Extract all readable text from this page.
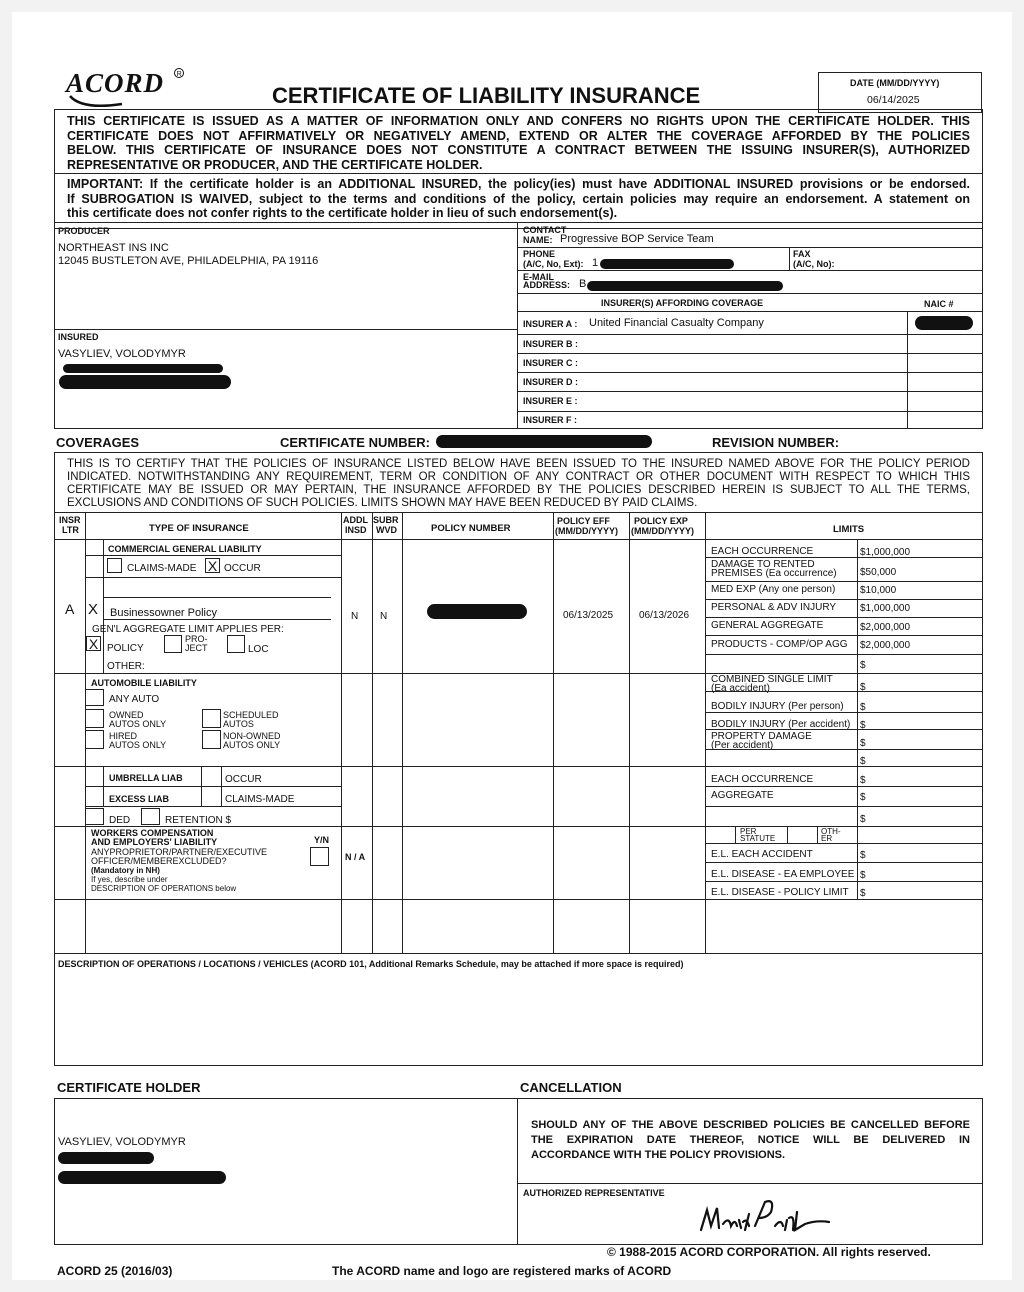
ACORD R
CERTIFICATE OF LIABILITY INSURANCE	DATE (MM/DD/YYYY)
06/14/2025
THIS CERTIFICATE IS ISSUED AS A MATTER OF INFORMATION ONLY AND CONFERS NO RIGHTS UPON THE CERTIFICATE HOLDER. THIS
CERTIFICATE DOES NOT AFFIRMATIVELY OR NEGATIVELY AMEND, EXTEND OR ALTER THE COVERAGE AFFORDED BY THE POLICIES
BELOW. THIS CERTIFICATE OF INSURANCE DOES NOT CONSTITUTE A CONTRACT BETWEEN THE ISSUING INSURER(S), AUTHORIZED
REPRESENTATIVE OR PRODUCER, AND THE CERTIFICATE HOLDER.
IMPORTANT: If the certificate holder is an ADDITIONAL INSURED, the policy(ies) must have ADDITIONAL INSURED provisions or be endorsed.
If SUBROGATION IS WAIVED, subject to the terms and conditions of the policy, certain policies may require an endorsement. A statement on
this certificate does not confer rights to the certificate holder in lieu of such endorsement(s).
PRODUCER
NORTHEAST INS INC
12045 BUSTLETON AVE, PHILADELPHIA, PA 19116
INSURED
VASYLIEV, VOLODYMYR
CONTACT
NAME: Progressive BOP Service Team
PHONE
(A/C, No, Ext): 1
FAX
(A/C, No):
E-MAIL
ADDRESS: B
INSURER(S) AFFORDING COVERAGE	NAIC #
INSURER A : United Financial Casualty Company
INSURER B :
INSURER C :
INSURER D :
INSURER E :
INSURER F :
COVERAGES	CERTIFICATE NUMBER:	REVISION NUMBER:
THIS IS TO CERTIFY THAT THE POLICIES OF INSURANCE LISTED BELOW HAVE BEEN ISSUED TO THE INSURED NAMED ABOVE FOR THE POLICY PERIOD
INDICATED. NOTWITHSTANDING ANY REQUIREMENT, TERM OR CONDITION OF ANY CONTRACT OR OTHER DOCUMENT WITH RESPECT TO WHICH THIS
CERTIFICATE MAY BE ISSUED OR MAY PERTAIN, THE INSURANCE AFFORDED BY THE POLICIES DESCRIBED HEREIN IS SUBJECT TO ALL THE TERMS,
EXCLUSIONS AND CONDITIONS OF SUCH POLICIES. LIMITS SHOWN MAY HAVE BEEN REDUCED BY PAID CLAIMS.
INSR
LTR	TYPE OF INSURANCE
ADDL
INSD
SUBR
WVD	POLICY NUMBER
POLICY EFF
(MM/DD/YYYY)
POLICY EXP
(MM/DD/YYYY)	LIMITS
COMMERCIAL GENERAL LIABILITY
CLAIMS-MADE X OCCUR
A X Businessowner Policy
GEN'L AGGREGATE LIMIT APPLIES PER:
X POLICY
PRO-
JECT	LOC
OTHER:
N N	06/13/2025	06/13/2026
EACH OCCURRENCE	$1,000,000
DAMAGE TO RENTED
PREMISES (Ea occurrence) $50,000
MED EXP (Any one person) $10,000
PERSONAL & ADV INJURY $1,000,000
GENERAL AGGREGATE	$2,000,000
PRODUCTS - COMP/OP AGG $2,000,000
$
AUTOMOBILE LIABILITY
ANY AUTO
OWNED
AUTOS ONLY
SCHEDULED
AUTOS
HIRED
AUTOS ONLY
NON-OWNED
AUTOS ONLY
COMBINED SINGLE LIMIT
(Ea accident)	$
BODILY INJURY (Per person) $
BODILY INJURY (Per accident) $
PROPERTY DAMAGE
(Per accident)	$
$
UMBRELLA LIAB	OCCUR
EXCESS LIAB	CLAIMS-MADE
DED	RETENTION $
EACH OCCURRENCE	$
AGGREGATE	$
$
WORKERS COMPENSATION
AND EMPLOYERS' LIABILITY	Y/N
ANYPROPRIETOR/PARTNER/EXECUTIVE
OFFICER/MEMBEREXCLUDED?
(Mandatory in NH)
If yes, describe under
DESCRIPTION OF OPERATIONS below
N / A
PER
STATUTE
OTH-
ER
E.L. EACH ACCIDENT	$
E.L. DISEASE - EA EMPLOYEE $
E.L. DISEASE - POLICY LIMIT $
DESCRIPTION OF OPERATIONS / LOCATIONS / VEHICLES (ACORD 101, Additional Remarks Schedule, may be attached if more space is required)
CERTIFICATE HOLDER	CANCELLATION
VASYLIEV, VOLODYMYR
SHOULD ANY OF THE ABOVE DESCRIBED POLICIES BE CANCELLED BEFORE
THE EXPIRATION DATE THEREOF, NOTICE WILL BE DELIVERED IN
ACCORDANCE WITH THE POLICY PROVISIONS.
AUTHORIZED REPRESENTATIVE
© 1988-2015 ACORD CORPORATION. All rights reserved.
ACORD 25 (2016/03)	The ACORD name and logo are registered marks of ACORD
